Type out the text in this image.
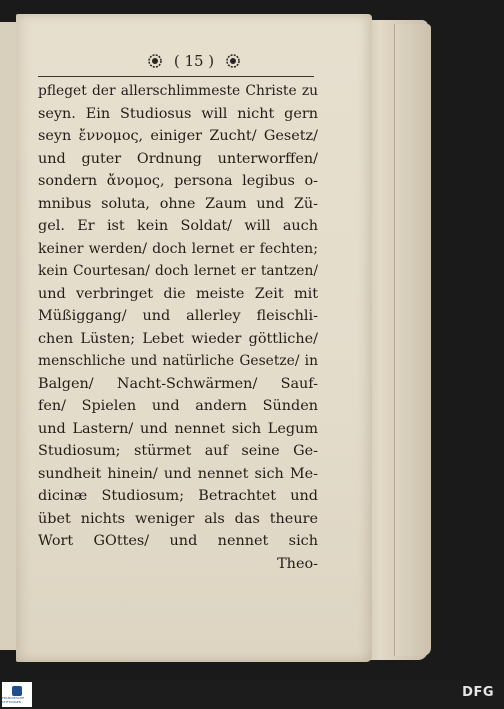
( 15 )
pfleget der allerschlimmeste Christe zu
seyn. Ein Studiosus will nicht gern
seyn ἔννομος, einiger Zucht/ Gesetz/
und guter Ordnung unterworffen/
sondern ἄνομος, persona legibus o-
mnibus soluta, ohne Zaum und Zü-
gel. Er ist kein Soldat/ will auch
keiner werden/ doch lernet er fechten;
kein Courtesan/ doch lernet er tantzen/
und verbringet die meiste Zeit mit
Müßiggang/ und allerley fleischli-
chen Lüsten; Lebet wieder göttliche/
menschliche und natürliche Gesetze/ in
Balgen/ Nacht-Schwärmen/ Sauf-
fen/ Spielen und andern Sünden
und Lastern/ und nennet sich Legum
Studiosum; stürmet auf seine Ge-
sundheit hinein/ und nennet sich Me-
dicinæ Studiosum; Betrachtet und
übet nichts weniger als das theure
Wort GOttes/ und nennet sich
Theo-
FRANCKESCHE STIFTUNGEN
DFG
